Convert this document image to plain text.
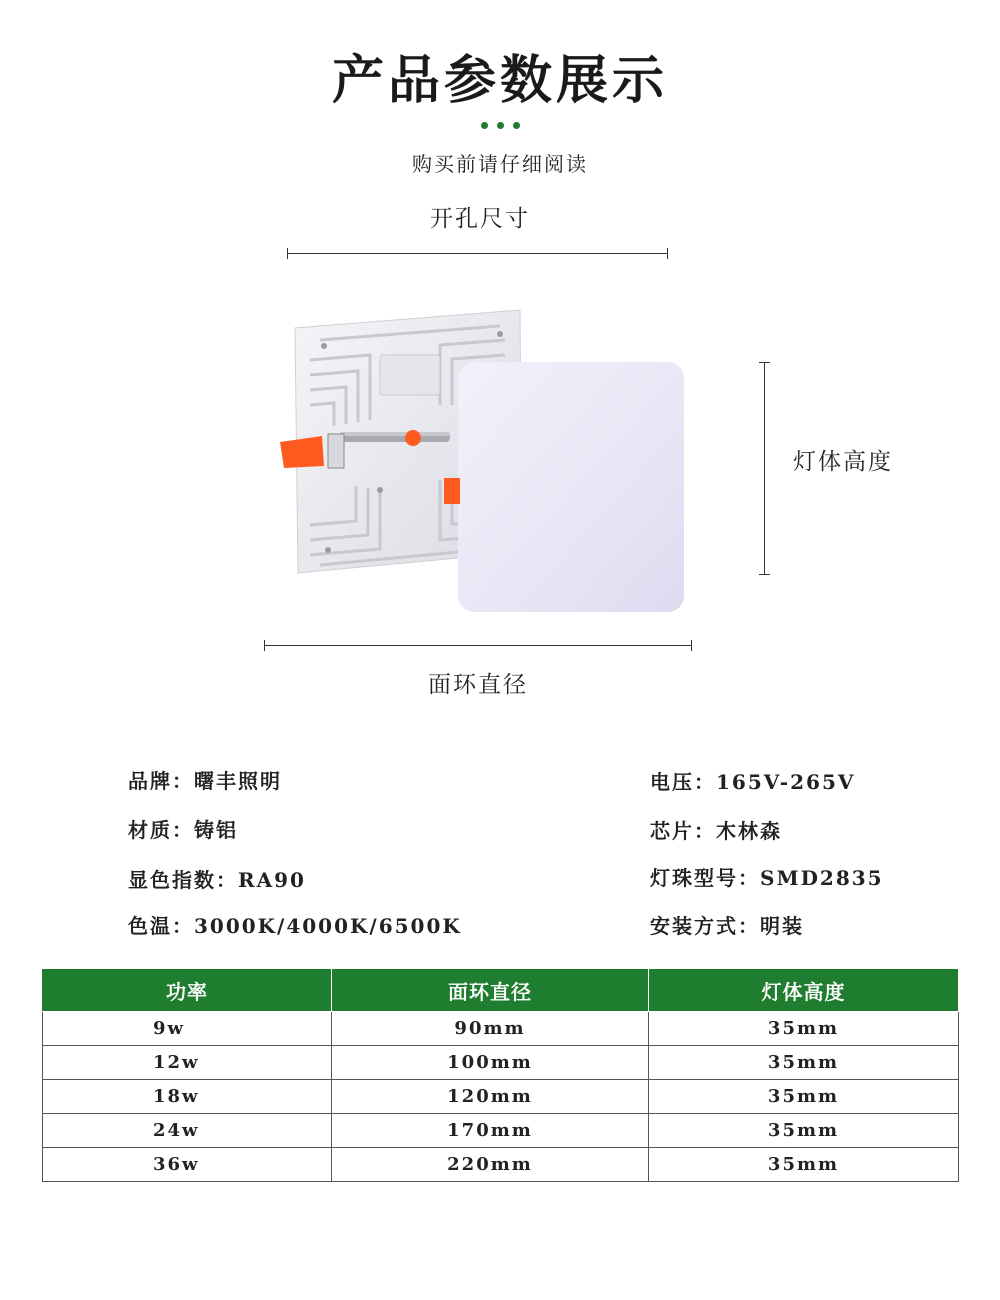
产品参数展示
购买前请仔细阅读
开孔尺寸
灯体高度
面环直径
品牌：曙丰照明
材质：铸铝
显色指数：RA90
色温：3000K/4000K/6500K
电压：165V-265V
芯片：木林森
灯珠型号：SMD2835
安装方式：明装
功率	面环直径	灯体高度
9w	90mm	35mm
12w	100mm	35mm
18w	120mm	35mm
24w	170mm	35mm
36w	220mm	35mm
